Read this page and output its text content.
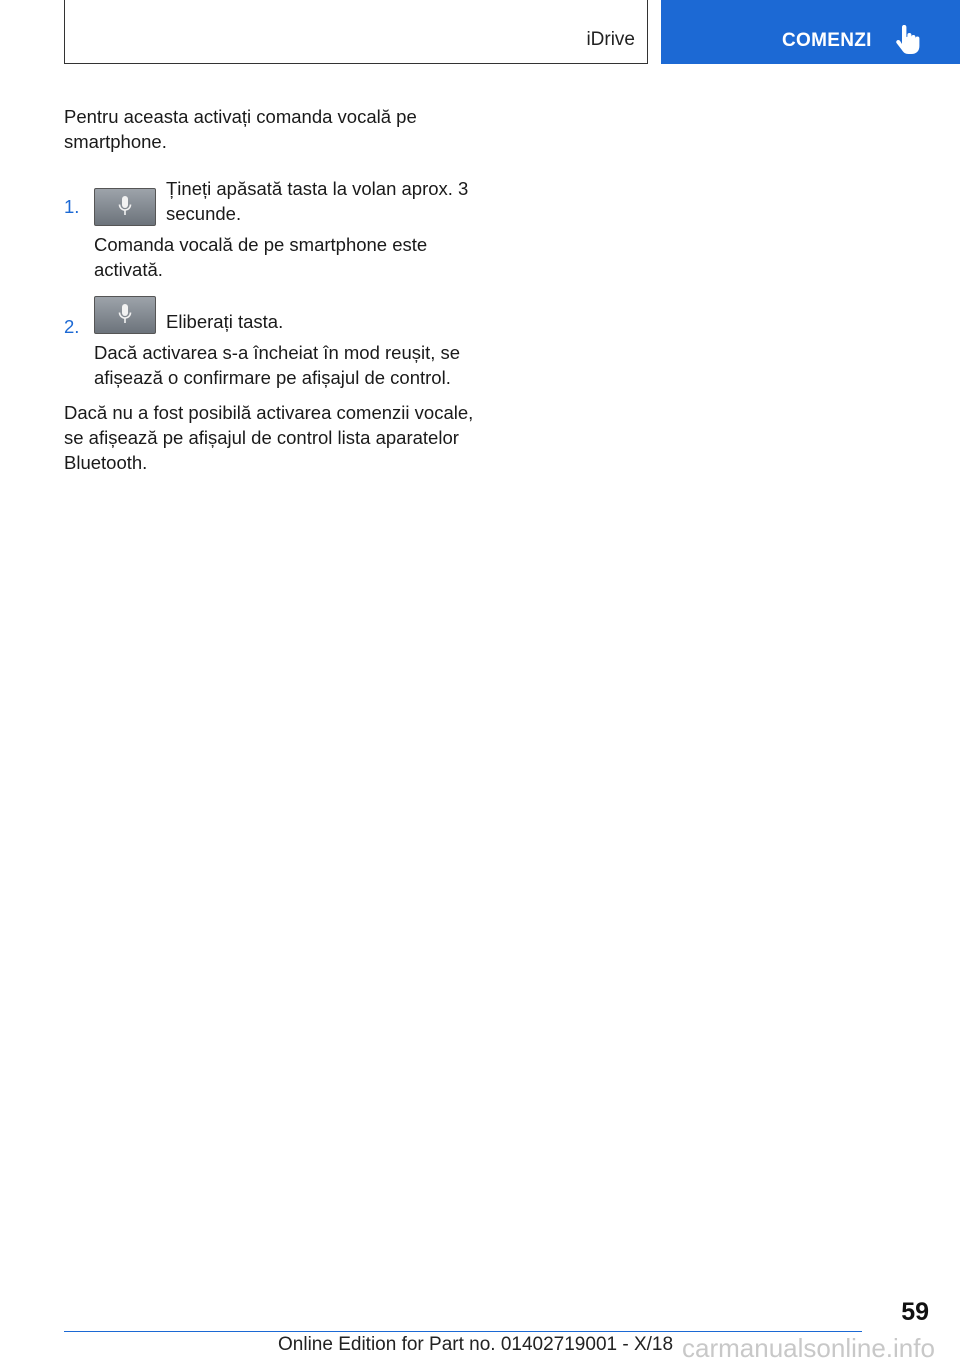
iDrive	COMENZI

Pentru aceasta activați comanda vocală pe smartphone.

1.
Țineți apăsată tasta la volan aprox. 3 secunde.

Comanda vocală de pe smartphone este activată.

2.	Eliberați tasta.

Dacă activarea s-a încheiat în mod reușit, se afișează o confirmare pe afișajul de control.

Dacă nu a fost posibilă activarea comenzii vocale, se afișează pe afișajul de control lista aparatelor Bluetooth.

59
Online Edition for Part no. 01402719001 - X/18 carmanualsonline.info
